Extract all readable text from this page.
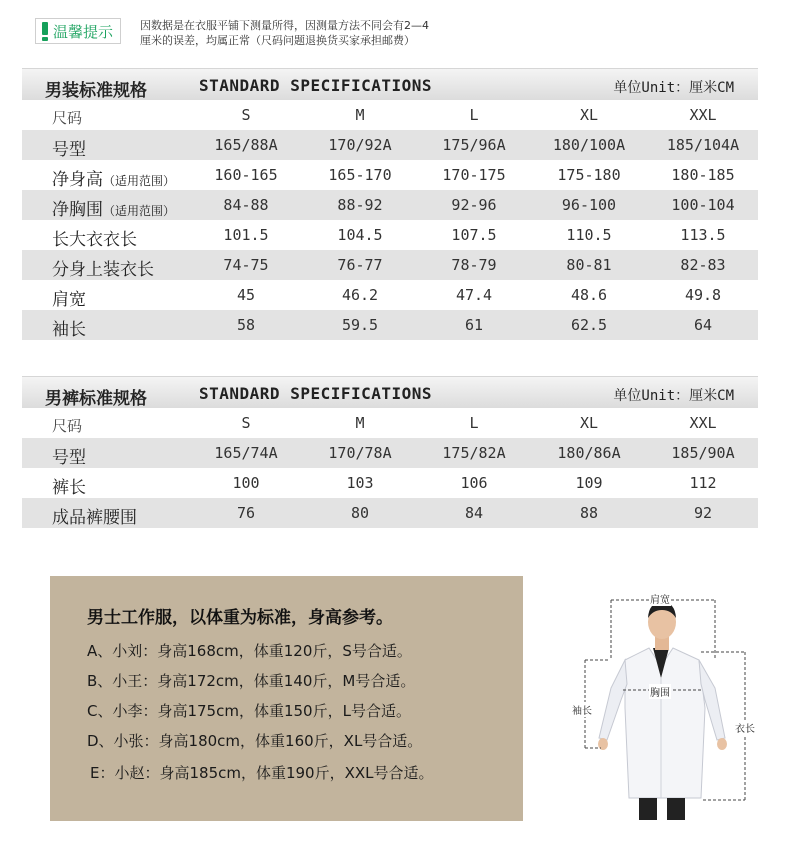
温馨提示 因数据是在衣服平铺下测量所得，因测量方法不同会有2—4
厘米的误差，均属正常（尺码问题退换货买家承担邮费）
男装标准规格	STANDARD SPECIFICATIONS	单位Unit：厘米CM
尺码	S	M	L	XL	XXL
号型	165/88A	170/92A	175/96A	180/100A	185/104A
净身高（适用范围）	160-165	165-170	170-175	175-180	180-185
净胸围（适用范围）	84-88	88-92	92-96	96-100	100-104
长大衣衣长	101.5	104.5	107.5	110.5	113.5
分身上装衣长	74-75	76-77	78-79	80-81	82-83
肩宽	45	46.2	47.4	48.6	49.8
袖长	58	59.5	61	62.5	64
男裤标准规格	STANDARD SPECIFICATIONS	单位Unit：厘米CM
尺码	S	M	L	XL	XXL
号型	165/74A	170/78A	175/82A	180/86A	185/90A
裤长	100	103	106	109	112
成品裤腰围	76	80	84	88	92
男士工作服，以体重为标准，身高参考。
A、小刘：身高168cm，体重120斤，S号合适。
B、小王：身高172cm，体重140斤，M号合适。
C、小李：身高175cm，体重150斤，L号合适。
D、小张：身高180cm，体重160斤，XL号合适。
E：小赵：身高185cm，体重190斤，XXL号合适。
肩宽
胸围
袖长
衣长
